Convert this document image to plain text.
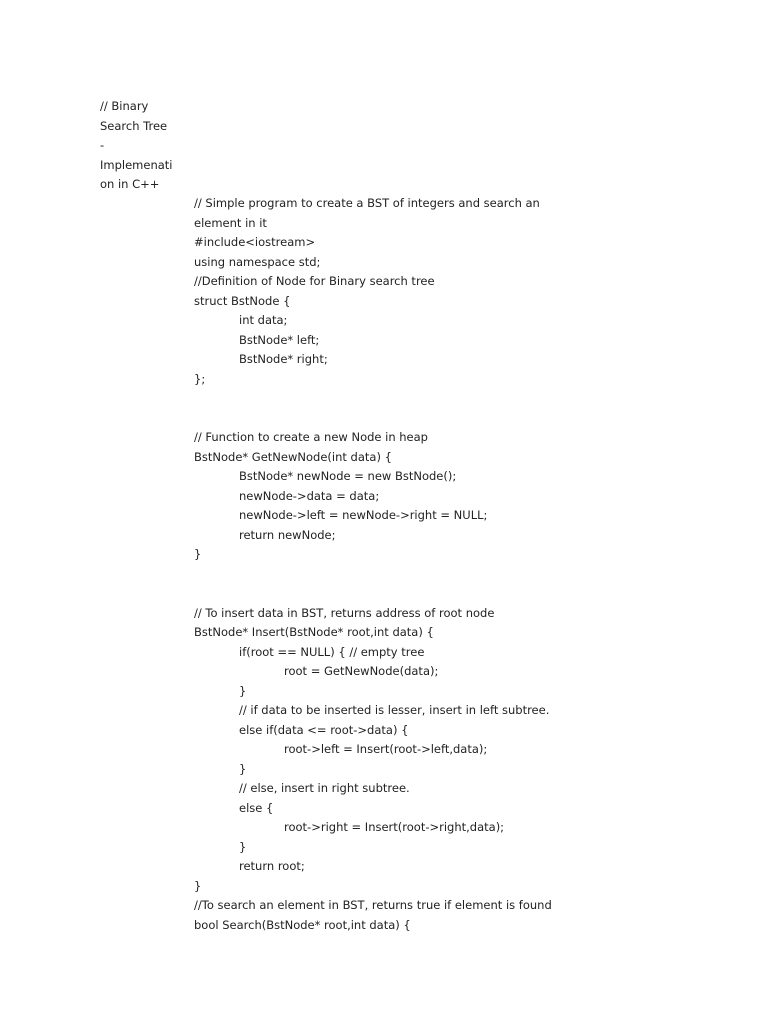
// Binary
Search Tree
-
Implemenati
on in C++
// Simple program to create a BST of integers and search an
element in it
#include<iostream>
using namespace std;
//Definition of Node for Binary search tree
struct BstNode {
int data;
BstNode* left;
BstNode* right;
};
// Function to create a new Node in heap
BstNode* GetNewNode(int data) {
BstNode* newNode = new BstNode();
newNode->data = data;
newNode->left = newNode->right = NULL;
return newNode;
}
// To insert data in BST, returns address of root node
BstNode* Insert(BstNode* root,int data) {
if(root == NULL) { // empty tree
root = GetNewNode(data);
}
// if data to be inserted is lesser, insert in left subtree.
else if(data <= root->data) {
root->left = Insert(root->left,data);
}
// else, insert in right subtree.
else {
root->right = Insert(root->right,data);
}
return root;
}
//To search an element in BST, returns true if element is found
bool Search(BstNode* root,int data) {
